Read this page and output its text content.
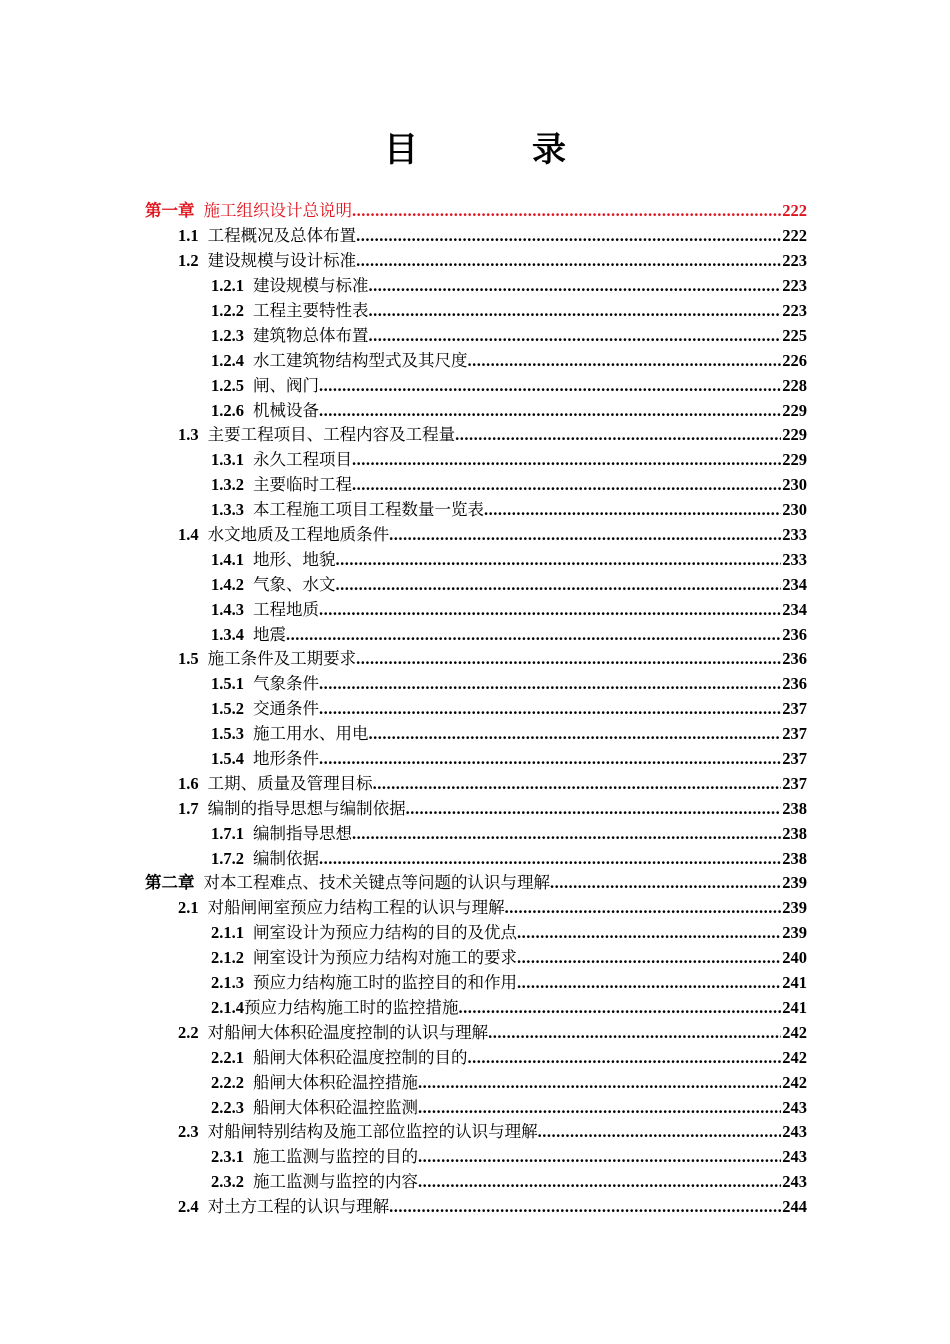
目　录
第一章 施工组织设计总说明 .....	222
1.1 工程概况及总体布置 .....	222
1.2 建设规模与设计标准 .....	223
1.2.1 建设规模与标准 .....	223
1.2.2 工程主要特性表 .....	223
1.2.3 建筑物总体布置 .....	225
1.2.4 水工建筑物结构型式及其尺度 .....	226
1.2.5 闸、阀门 .....	228
1.2.6 机械设备 .....	229
1.3 主要工程项目、工程内容及工程量 .....	229
1.3.1 永久工程项目 .....	229
1.3.2 主要临时工程 .....	230
1.3.3 本工程施工项目工程数量一览表 .....	230
1.4 水文地质及工程地质条件 .....	233
1.4.1 地形、地貌 .....	233
1.4.2 气象、水文 .....	234
1.4.3 工程地质 .....	234
1.3.4 地震 .....	236
1.5 施工条件及工期要求 .....	236
1.5.1 气象条件 .....	236
1.5.2 交通条件 .....	237
1.5.3 施工用水、用电 .....	237
1.5.4 地形条件 .....	237
1.6 工期、质量及管理目标 .....	237
1.7 编制的指导思想与编制依据 .....	238
1.7.1 编制指导思想 .....	238
1.7.2 编制依据 .....	238
第二章 对本工程难点、技术关键点等问题的认识与理解 .....	239
2.1 对船闸闸室预应力结构工程的认识与理解 .....	239
2.1.1 闸室设计为预应力结构的目的及优点 .....	239
2.1.2 闸室设计为预应力结构对施工的要求 .....	240
2.1.3 预应力结构施工时的监控目的和作用 .....	241
2.1.4 预应力结构施工时的监控措施 .....	241
2.2 对船闸大体积砼温度控制的认识与理解 .....	242
2.2.1 船闸大体积砼温度控制的目的 .....	242
2.2.2 船闸大体积砼温控措施 .....	242
2.2.3 船闸大体积砼温控监测 .....	243
2.3 对船闸特别结构及施工部位监控的认识与理解 .....	243
2.3.1 施工监测与监控的目的 .....	243
2.3.2 施工监测与监控的内容 .....	243
2.4 对土方工程的认识与理解 .....	244
